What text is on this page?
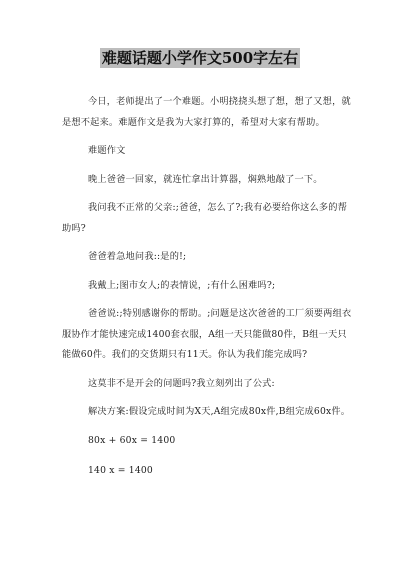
难题话题小学作文500字左右

今日，老师提出了一个难题。小明挠挠头想了想，想了又想，就是想不起来。难题作文是我为大家打算的，希望对大家有帮助。

难题作文

晚上爸爸一回家，就连忙拿出计算器，焖熟地敲了一下。

我问我不正常的父亲:;爸爸，怎么了?;我有必要给你这么多的帮助吗?

爸爸着急地问我::是的!;

我戴上;图市女人;的表情说，;有什么困难吗?;

爸爸说:;特别感谢你的帮助。;问题是这次爸爸的工厂须要两组衣服协作才能快速完成1400套衣服，A组一天只能做80件，B组一天只能做60件。我们的交货期只有11天。你认为我们能完成吗?

这莫非不是开会的问题吗?我立刻列出了公式:

解决方案:假设完成时间为X天,A组完成80x件,B组完成60x件。

80x + 60x = 1400

140 x = 1400
